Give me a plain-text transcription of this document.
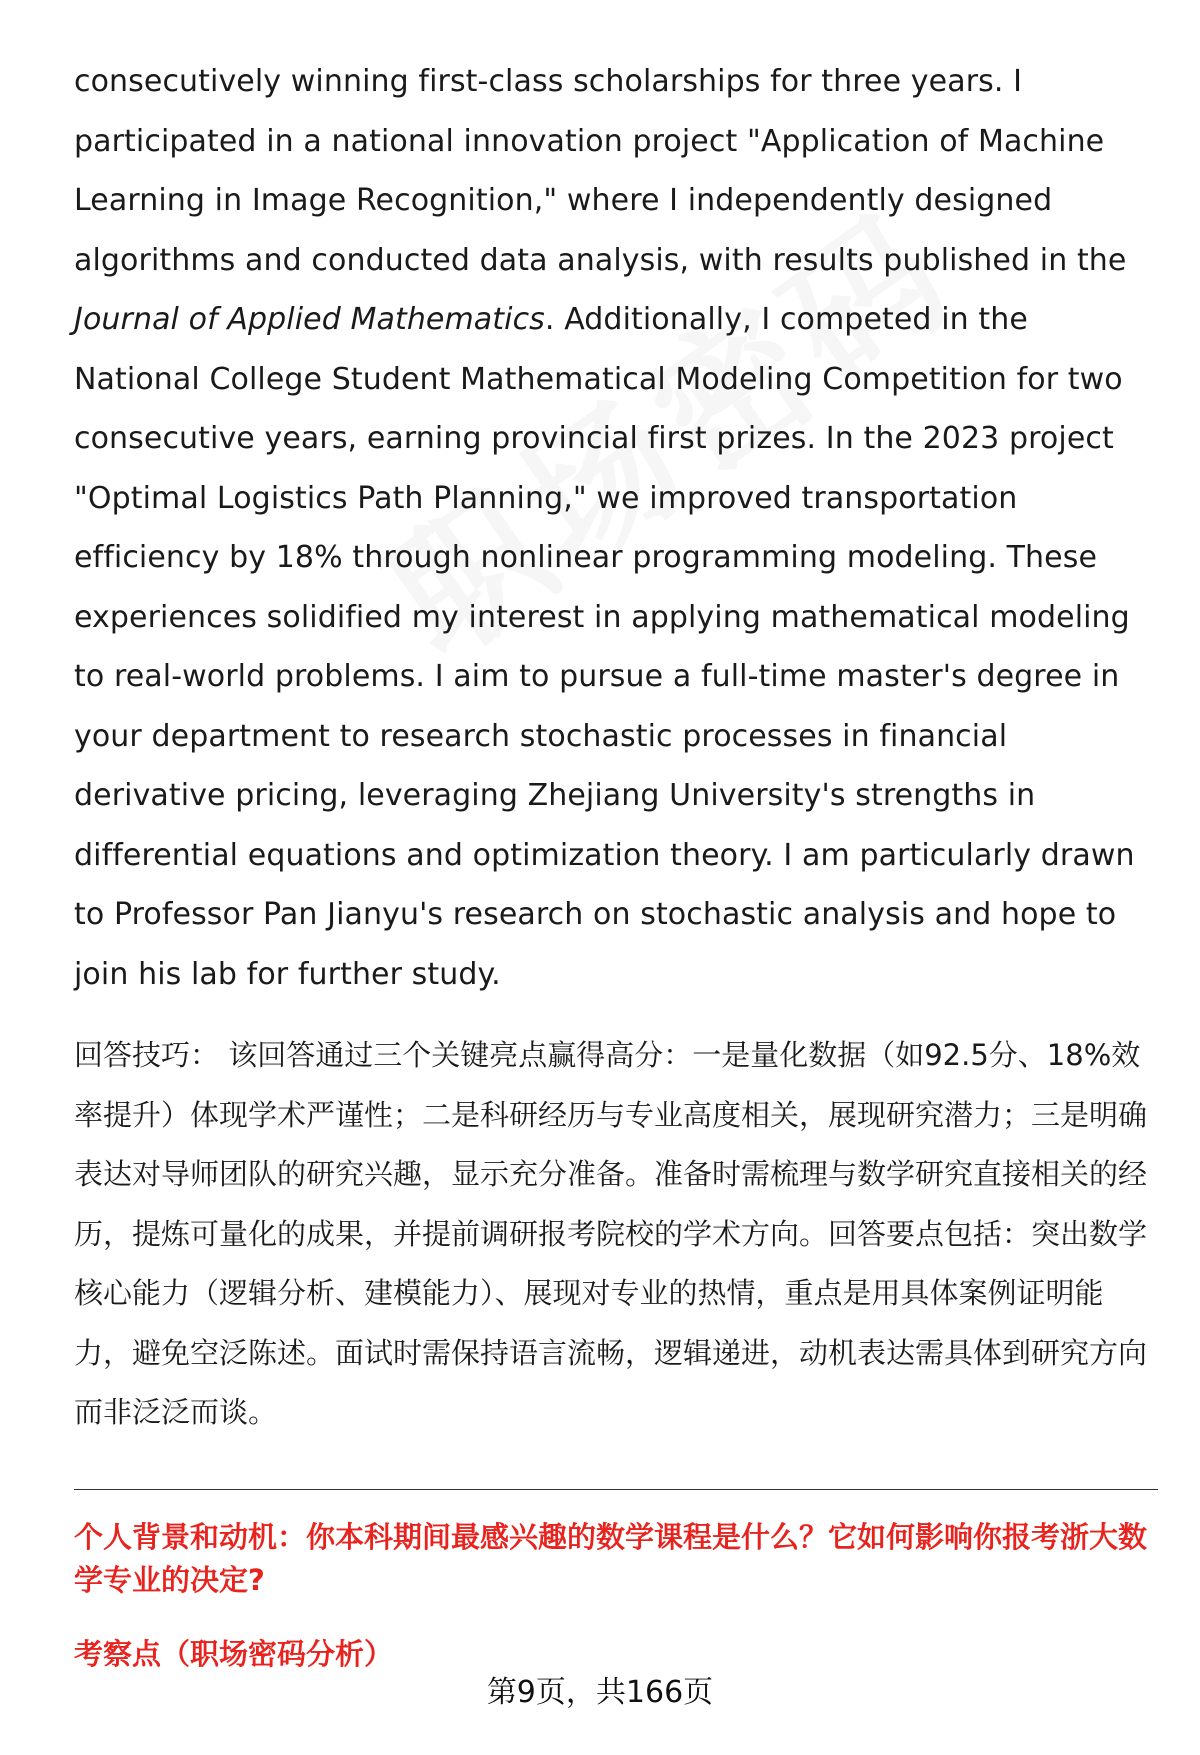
consecutively winning first-class scholarships for three years. I participated in a national innovation project "Application of Machine Learning in Image Recognition," where I independently designed algorithms and conducted data analysis, with results published in the Journal of Applied Mathematics. Additionally, I competed in the National College Student Mathematical Modeling Competition for two consecutive years, earning provincial first prizes. In the 2023 project "Optimal Logistics Path Planning," we improved transportation efficiency by 18% through nonlinear programming modeling. These experiences solidified my interest in applying mathematical modeling to real-world problems. I aim to pursue a full-time master's degree in your department to research stochastic processes in financial derivative pricing, leveraging Zhejiang University's strengths in differential equations and optimization theory. I am particularly drawn to Professor Pan Jianyu's research on stochastic analysis and hope to join his lab for further study.

回答技巧： 该回答通过三个关键亮点赢得高分：一是量化数据（如92.5分、18%效率提升）体现学术严谨性；二是科研经历与专业高度相关，展现研究潜力；三是明确表达对导师团队的研究兴趣，显示充分准备。准备时需梳理与数学研究直接相关的经历，提炼可量化的成果，并提前调研报考院校的学术方向。回答要点包括：突出数学核心能力（逻辑分析、建模能力）、展现对专业的热情，重点是用具体案例证明能力，避免空泛陈述。面试时需保持语言流畅，逻辑递进，动机表达需具体到研究方向而非泛泛而谈。

个人背景和动机：你本科期间最感兴趣的数学课程是什么？它如何影响你报考浙大数学专业的决定?
考察点（职场密码分析）
第9页，共166页
